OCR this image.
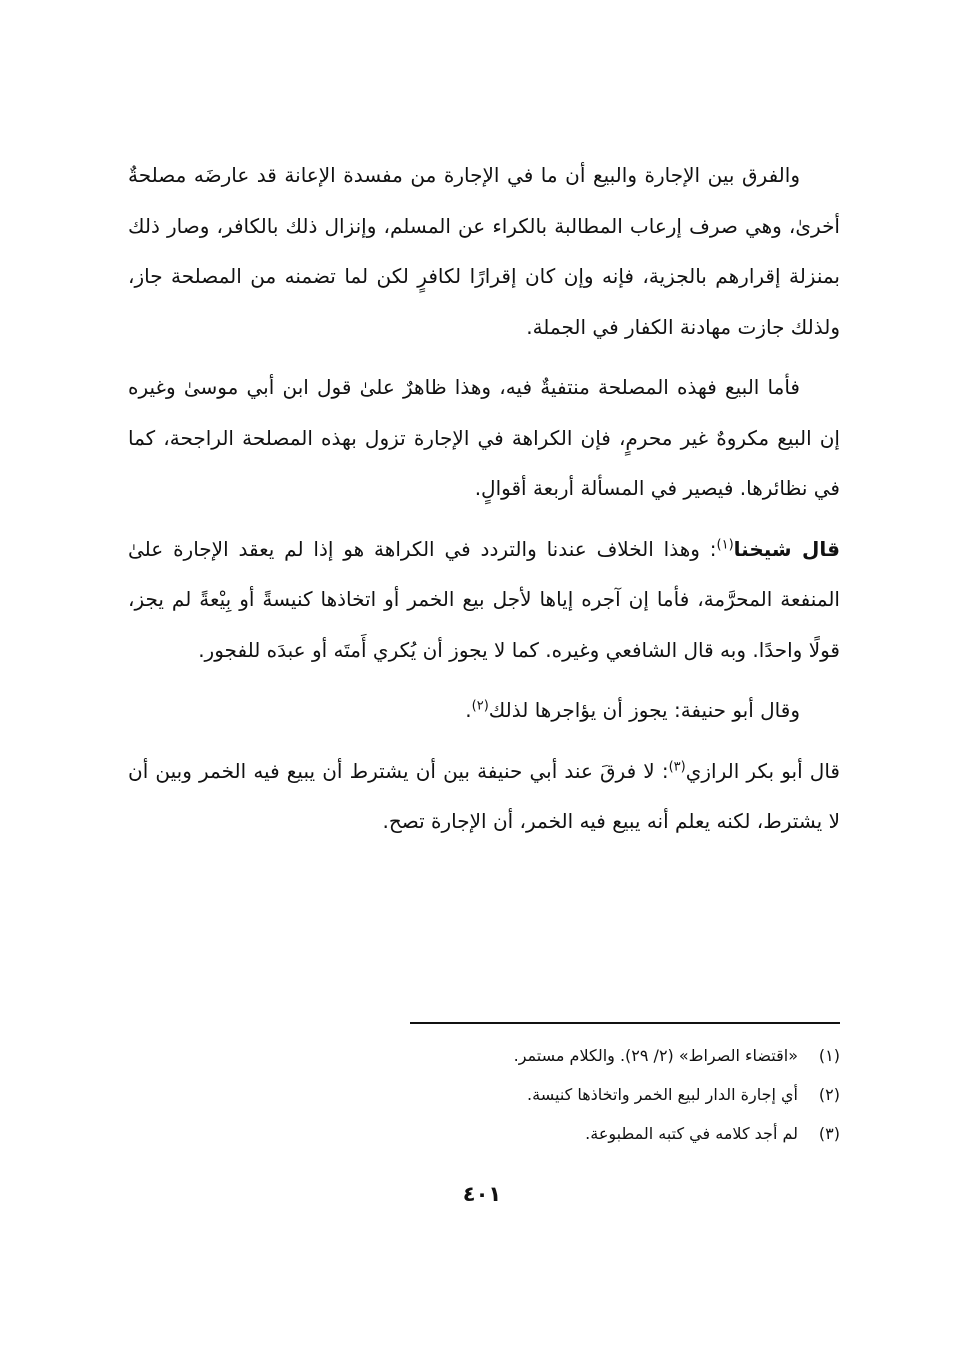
والفرق بين الإجارة والبيع أن ما في الإجارة من مفسدة الإعانة قد عارضَه مصلحةٌ أخرىٰ، وهي صرف إرعاب المطالبة بالكراء عن المسلم، وإنزال ذلك بالكافر، وصار ذلك بمنزلة إقرارهم بالجزية، فإنه وإن كان إقرارًا لكافرٍ لكن لما تضمنه من المصلحة جاز، ولذلك جازت مهادنة الكفار في الجملة.

فأما البيع فهذه المصلحة منتفيةٌ فيه، وهذا ظاهرٌ علىٰ قول ابن أبي موسىٰ وغيره إن البيع مكروهٌ غير محرمٍ، فإن الكراهة في الإجارة تزول بهذه المصلحة الراجحة، كما في نظائرها. فيصير في المسألة أربعة أقوالٍ.

قال شيخنا$^{(١)}$: وهذا الخلاف عندنا والتردد في الكراهة هو إذا لم يعقد الإجارة علىٰ المنفعة المحرَّمة، فأما إن آجره إياها لأجل بيع الخمر أو اتخاذها كنيسةً أو بِيْعةً لم يجز، قولًا واحدًا. وبه قال الشافعي وغيره. كما لا يجوز أن يُكري أَمتَه أو عبدَه للفجور.

وقال أبو حنيفة: يجوز أن يؤاجرها لذلك$^{(٢)}$.

قال أبو بكر الرازي$^{(٣)}$: لا فرقَ عند أبي حنيفة بين أن يشترط أن يبيع فيه الخمر وبين أن لا يشترط، لكنه يعلم أنه يبيع فيه الخمر، أن الإجارة تصح.

(١)«اقتضاء الصراط» (٢/ ٢٩). والكلام مستمر.
(٢)أي إجارة الدار لبيع الخمر واتخاذها كنيسة.
(٣)لم أجد كلامه في كتبه المطبوعة.
٤٠١
